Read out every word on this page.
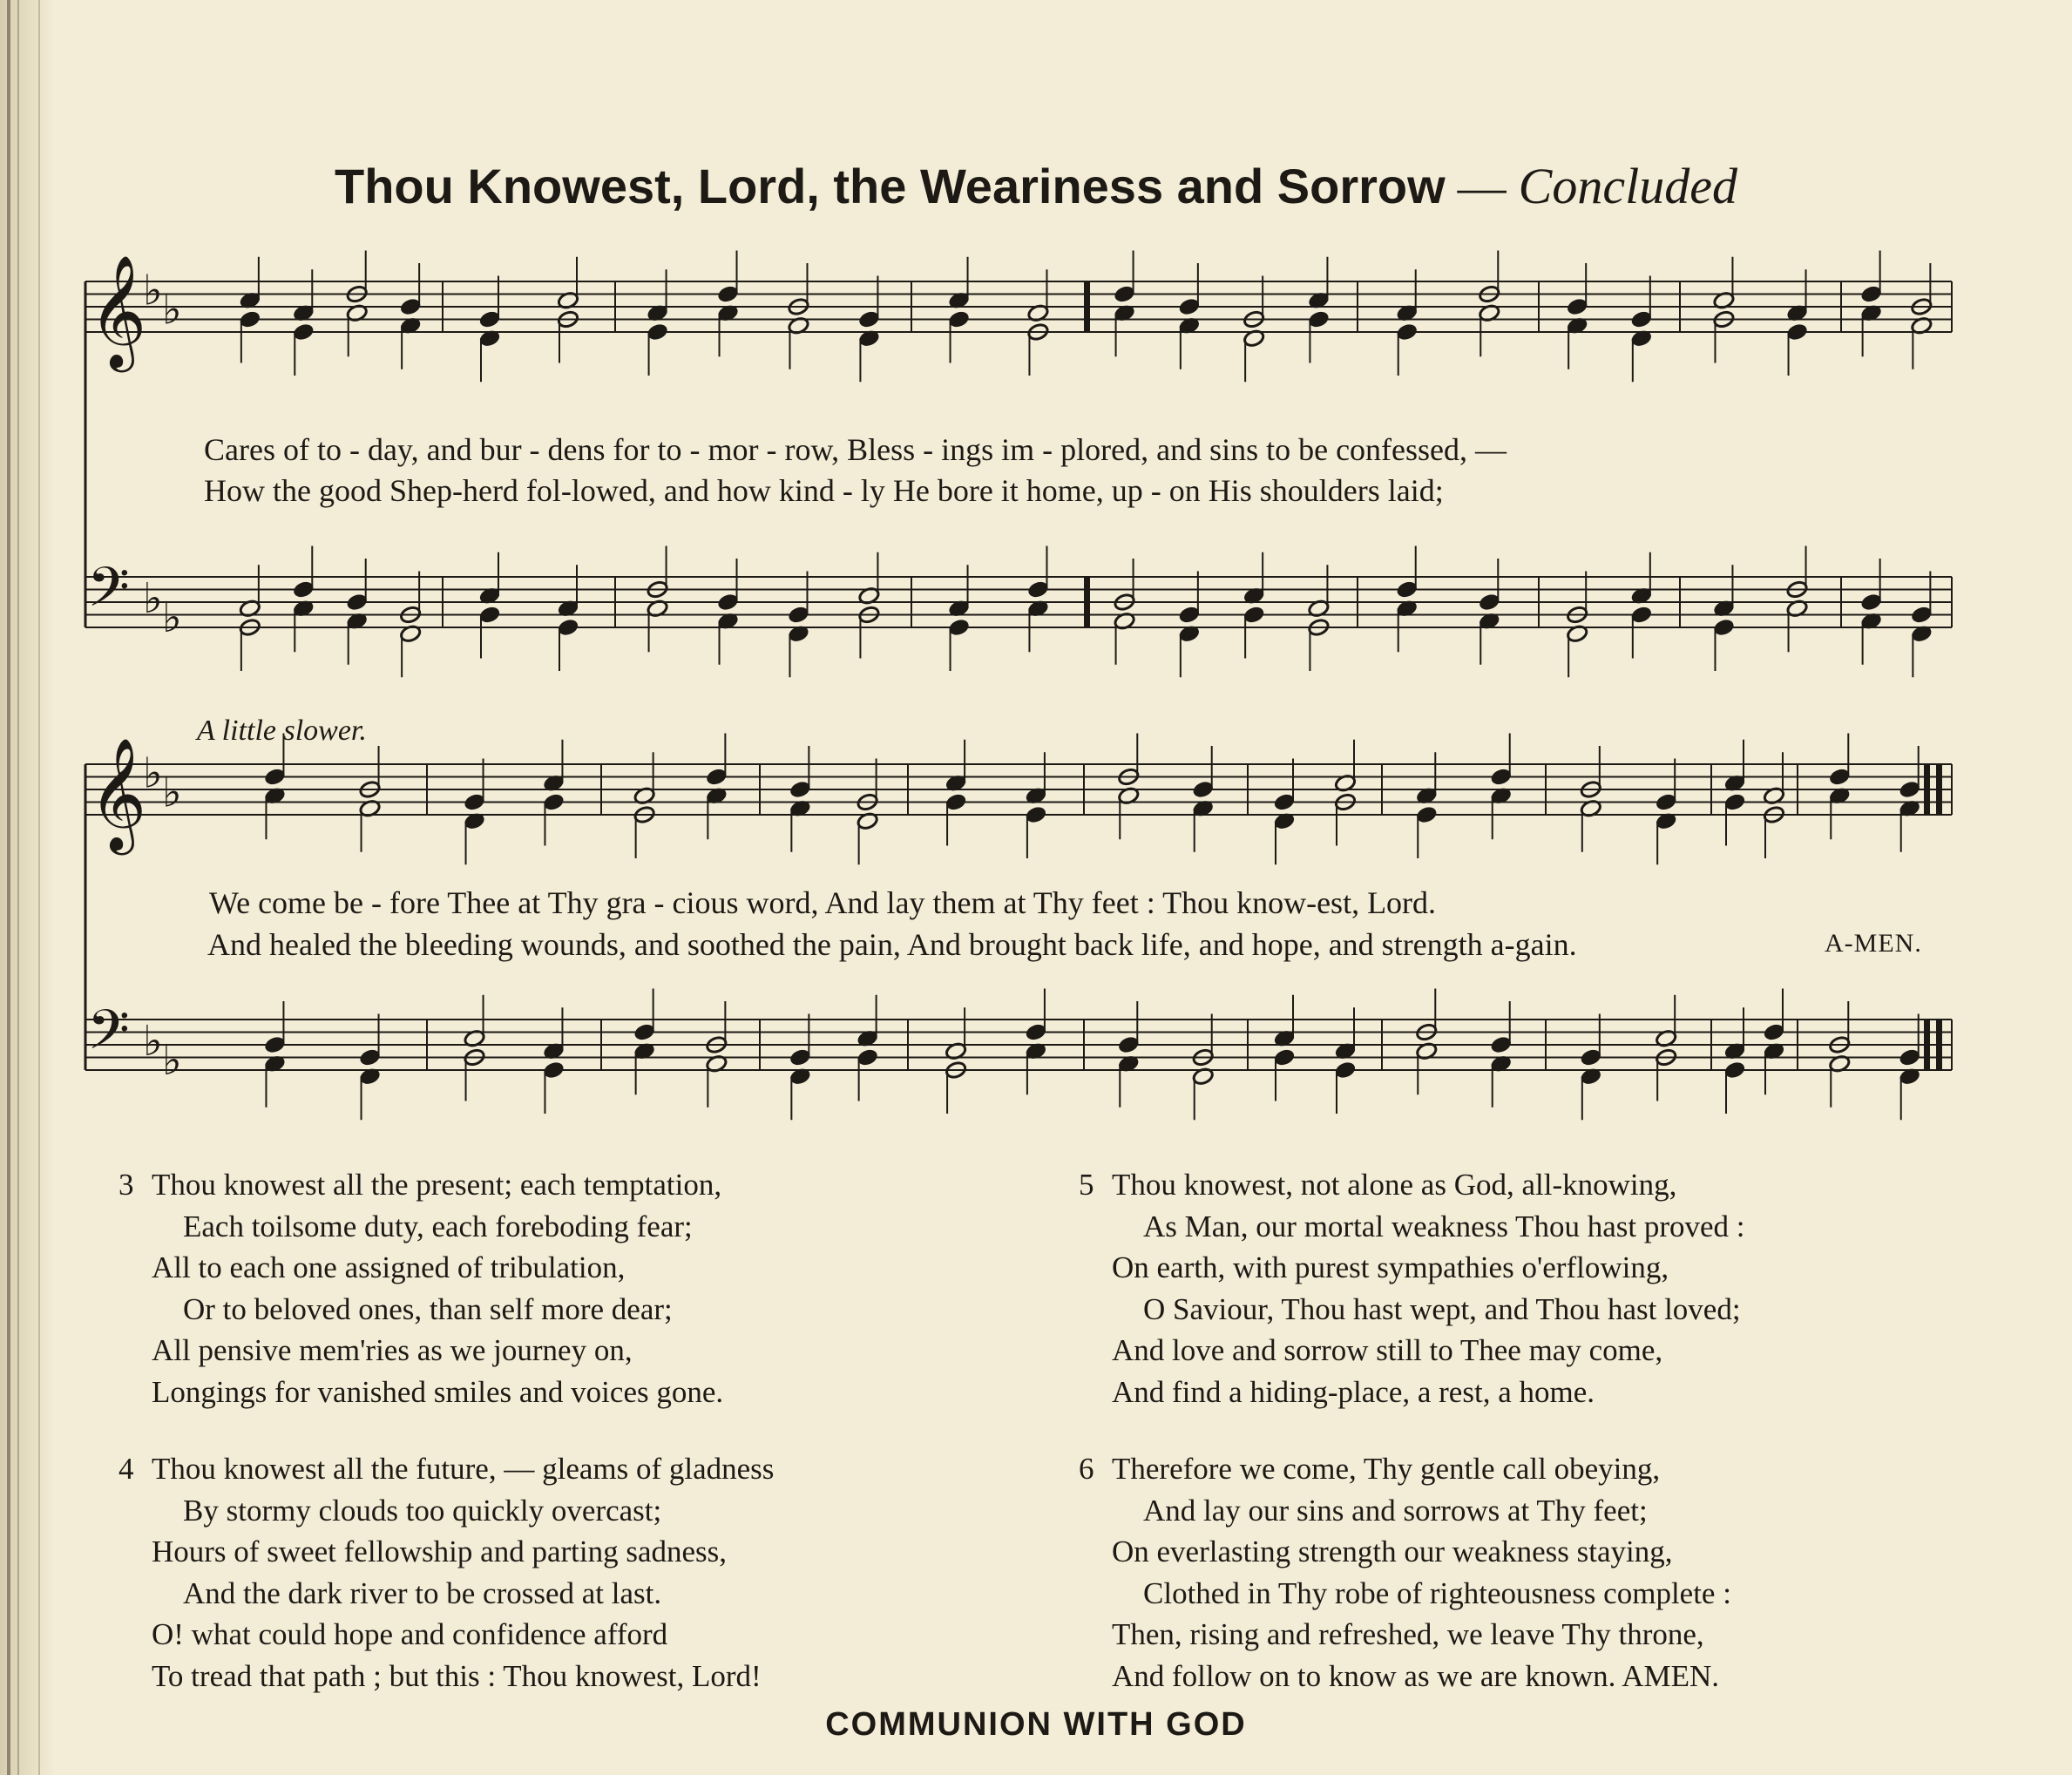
Thou Knowest, Lord, the Weariness and Sorrow — Concluded
𝄞
♭ ♭
𝄢 ♭ ♭
𝄞
♭ ♭
𝄢 ♭ ♭
Cares of to - day, and bur - dens for to - mor - row, Bless - ings im - plored, and sins to be confessed, —
How the good Shep-herd fol-lowed, and how kind - ly He bore it home, up - on His shoulders laid;
A little slower.
We come be - fore Thee at Thy gra - cious word, And lay them at Thy feet : Thou know-est, Lord.
And healed the bleeding wounds, and soothed the pain, And brought back life, and hope, and strength a-gain.	A-MEN.
3 Thou knowest all the present; each temptation,
Each toilsome duty, each foreboding fear;
All to each one assigned of tribulation,
Or to beloved ones, than self more dear;
All pensive mem'ries as we journey on,
Longings for vanished smiles and voices gone.
4 Thou knowest all the future, — gleams of gladness
By stormy clouds too quickly overcast;
Hours of sweet fellowship and parting sadness,
And the dark river to be crossed at last.
O! what could hope and confidence afford
To tread that path ; but this : Thou knowest, Lord!
5 Thou knowest, not alone as God, all-knowing,
As Man, our mortal weakness Thou hast proved :
On earth, with purest sympathies o'erflowing,
O Saviour, Thou hast wept, and Thou hast loved;
And love and sorrow still to Thee may come,
And find a hiding-place, a rest, a home.
6 Therefore we come, Thy gentle call obeying,
And lay our sins and sorrows at Thy feet;
On everlasting strength our weakness staying,
Clothed in Thy robe of righteousness complete :
Then, rising and refreshed, we leave Thy throne,
And follow on to know as we are known. AMEN.
COMMUNION WITH GOD
